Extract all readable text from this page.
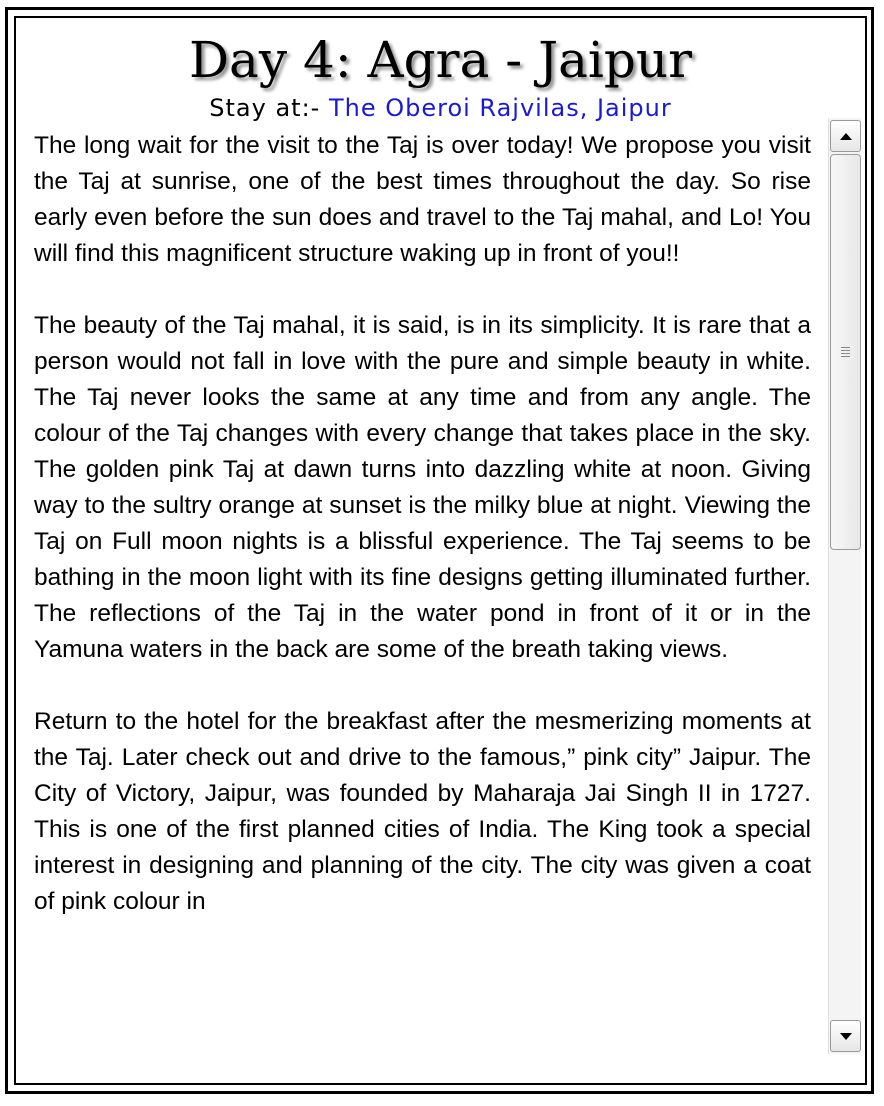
Day 4: Agra - Jaipur
Stay at:- The Oberoi Rajvilas, Jaipur

The long wait for the visit to the Taj is over today! We propose you visit the Taj at sunrise, one of the best times throughout the day. So rise early even before the sun does and travel to the Taj mahal, and Lo! You will find this magnificent structure waking up in front of you!!

The beauty of the Taj mahal, it is said, is in its simplicity. It is rare that a person would not fall in love with the pure and simple beauty in white. The Taj never looks the same at any time and from any angle. The colour of the Taj changes with every change that takes place in the sky. The golden pink Taj at dawn turns into dazzling white at noon. Giving way to the sultry orange at sunset is the milky blue at night. Viewing the Taj on Full moon nights is a blissful experience. The Taj seems to be bathing in the moon light with its fine designs getting illuminated further. The reflections of the Taj in the water pond in front of it or in the Yamuna waters in the back are some of the breath taking views.

Return to the hotel for the breakfast after the mesmerizing moments at the Taj. Later check out and drive to the famous,” pink city” Jaipur. The City of Victory, Jaipur, was founded by Maharaja Jai Singh II in 1727. This is one of the first planned cities of India. The King took a special interest in designing and planning of the city. The city was given a coat of pink colour in
